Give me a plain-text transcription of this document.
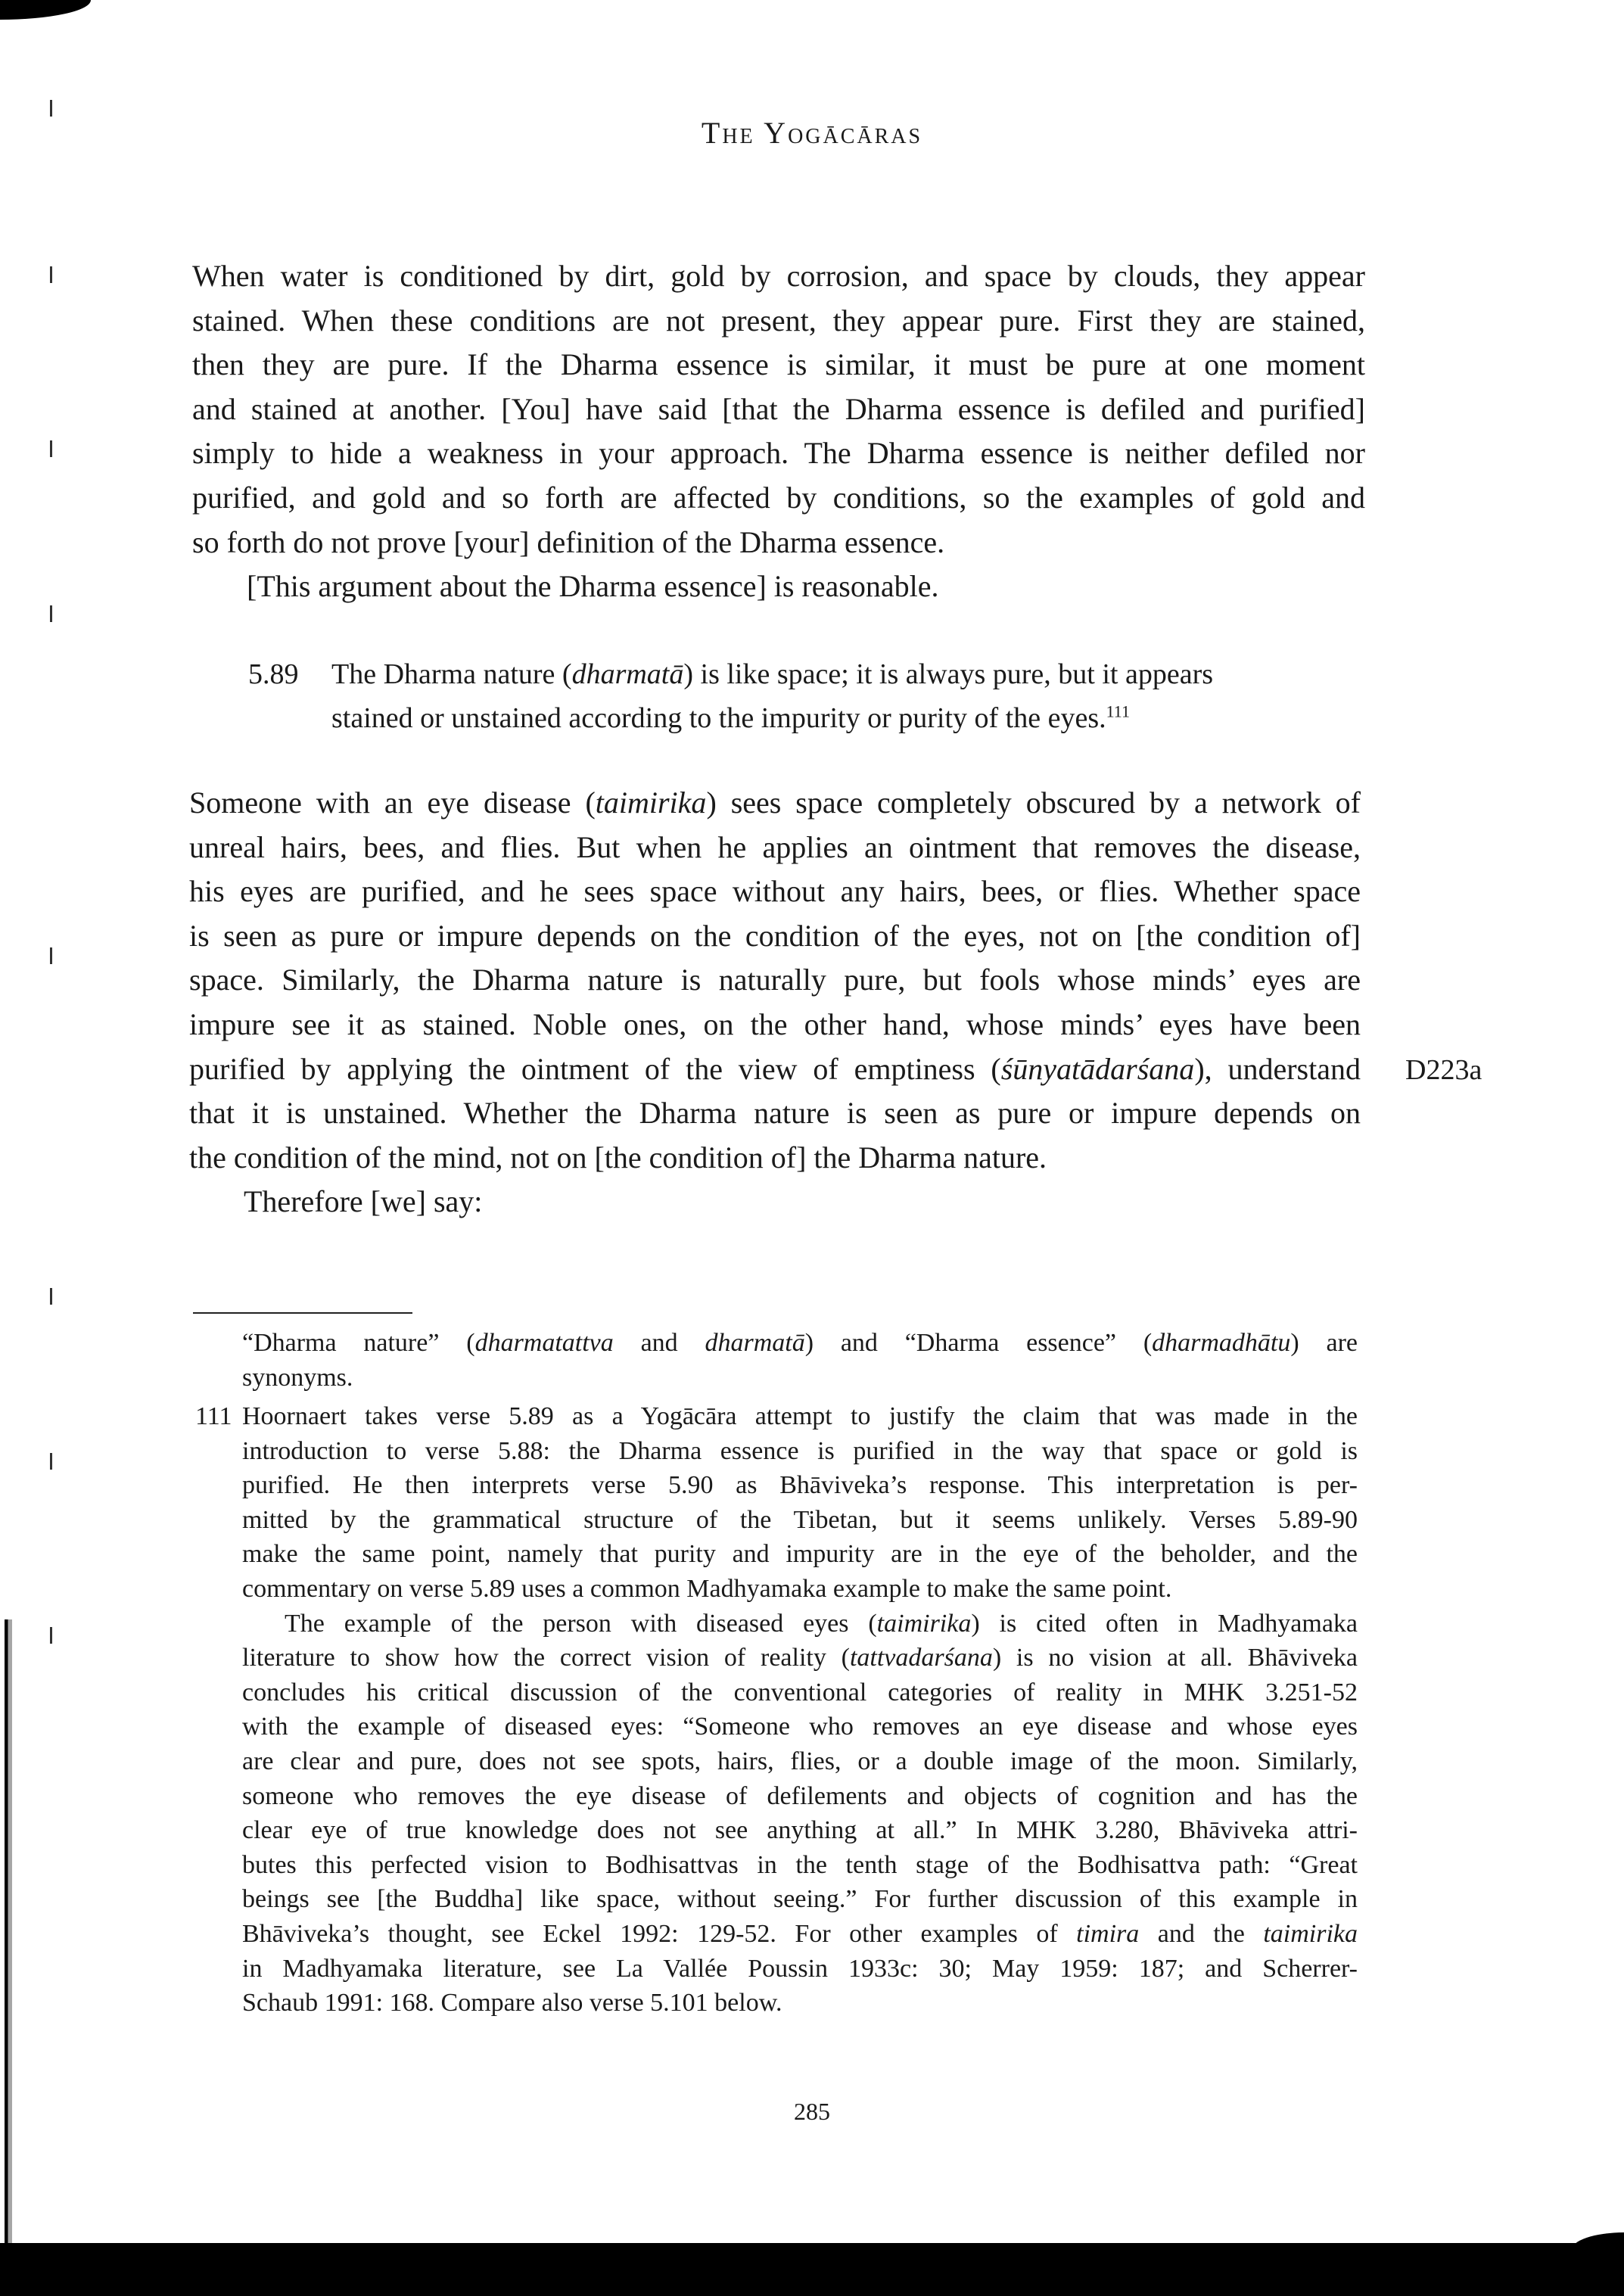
The Yogācāras
When water is conditioned by dirt, gold by corrosion, and space by clouds, they appear
stained. When these conditions are not present, they appear pure. First they are stained,
then they are pure. If the Dharma essence is similar, it must be pure at one moment
and stained at another. [You] have said [that the Dharma essence is defiled and purified]
simply to hide a weakness in your approach. The Dharma essence is neither defiled nor
purified, and gold and so forth are affected by conditions, so the examples of gold and
so forth do not prove [your] definition of the Dharma essence.
[This argument about the Dharma essence] is reasonable.
5.89	The Dharma nature (dharmatā) is like space; it is always pure, but it appears
stained or unstained according to the impurity or purity of the eyes.$^{111}$
Someone with an eye disease (taimirika) sees space completely obscured by a network of
unreal hairs, bees, and flies. But when he applies an ointment that removes the disease,
his eyes are purified, and he sees space without any hairs, bees, or flies. Whether space
is seen as pure or impure depends on the condition of the eyes, not on [the condition of]
space. Similarly, the Dharma nature is naturally pure, but fools whose minds’ eyes are
impure see it as stained. Noble ones, on the other hand, whose minds’ eyes have been
purified by applying the ointment of the view of emptiness (śūnyatādarśana), understand
that it is unstained. Whether the Dharma nature is seen as pure or impure depends on
the condition of the mind, not on [the condition of] the Dharma nature.
Therefore [we] say:
D223a
“Dharma nature” (dharmatattva and dharmatā) and “Dharma essence” (dharmadhātu) are
synonyms.
111 Hoornaert takes verse 5.89 as a Yogācāra attempt to justify the claim that was made in the
introduction to verse 5.88: the Dharma essence is purified in the way that space or gold is
purified. He then interprets verse 5.90 as Bhāviveka’s response. This interpretation is per-
mitted by the grammatical structure of the Tibetan, but it seems unlikely. Verses 5.89-90
make the same point, namely that purity and impurity are in the eye of the beholder, and the
commentary on verse 5.89 uses a common Madhyamaka example to make the same point.
The example of the person with diseased eyes (taimirika) is cited often in Madhyamaka
literature to show how the correct vision of reality (tattvadarśana) is no vision at all. Bhāviveka
concludes his critical discussion of the conventional categories of reality in MHK 3.251-52
with the example of diseased eyes: “Someone who removes an eye disease and whose eyes
are clear and pure, does not see spots, hairs, flies, or a double image of the moon. Similarly,
someone who removes the eye disease of defilements and objects of cognition and has the
clear eye of true knowledge does not see anything at all.” In MHK 3.280, Bhāviveka attri-
butes this perfected vision to Bodhisattvas in the tenth stage of the Bodhisattva path: “Great
beings see [the Buddha] like space, without seeing.” For further discussion of this example in
Bhāviveka’s thought, see Eckel 1992: 129-52. For other examples of timira and the taimirika
in Madhyamaka literature, see La Vallée Poussin 1933c: 30; May 1959: 187; and Scherrer-
Schaub 1991: 168. Compare also verse 5.101 below.
285
